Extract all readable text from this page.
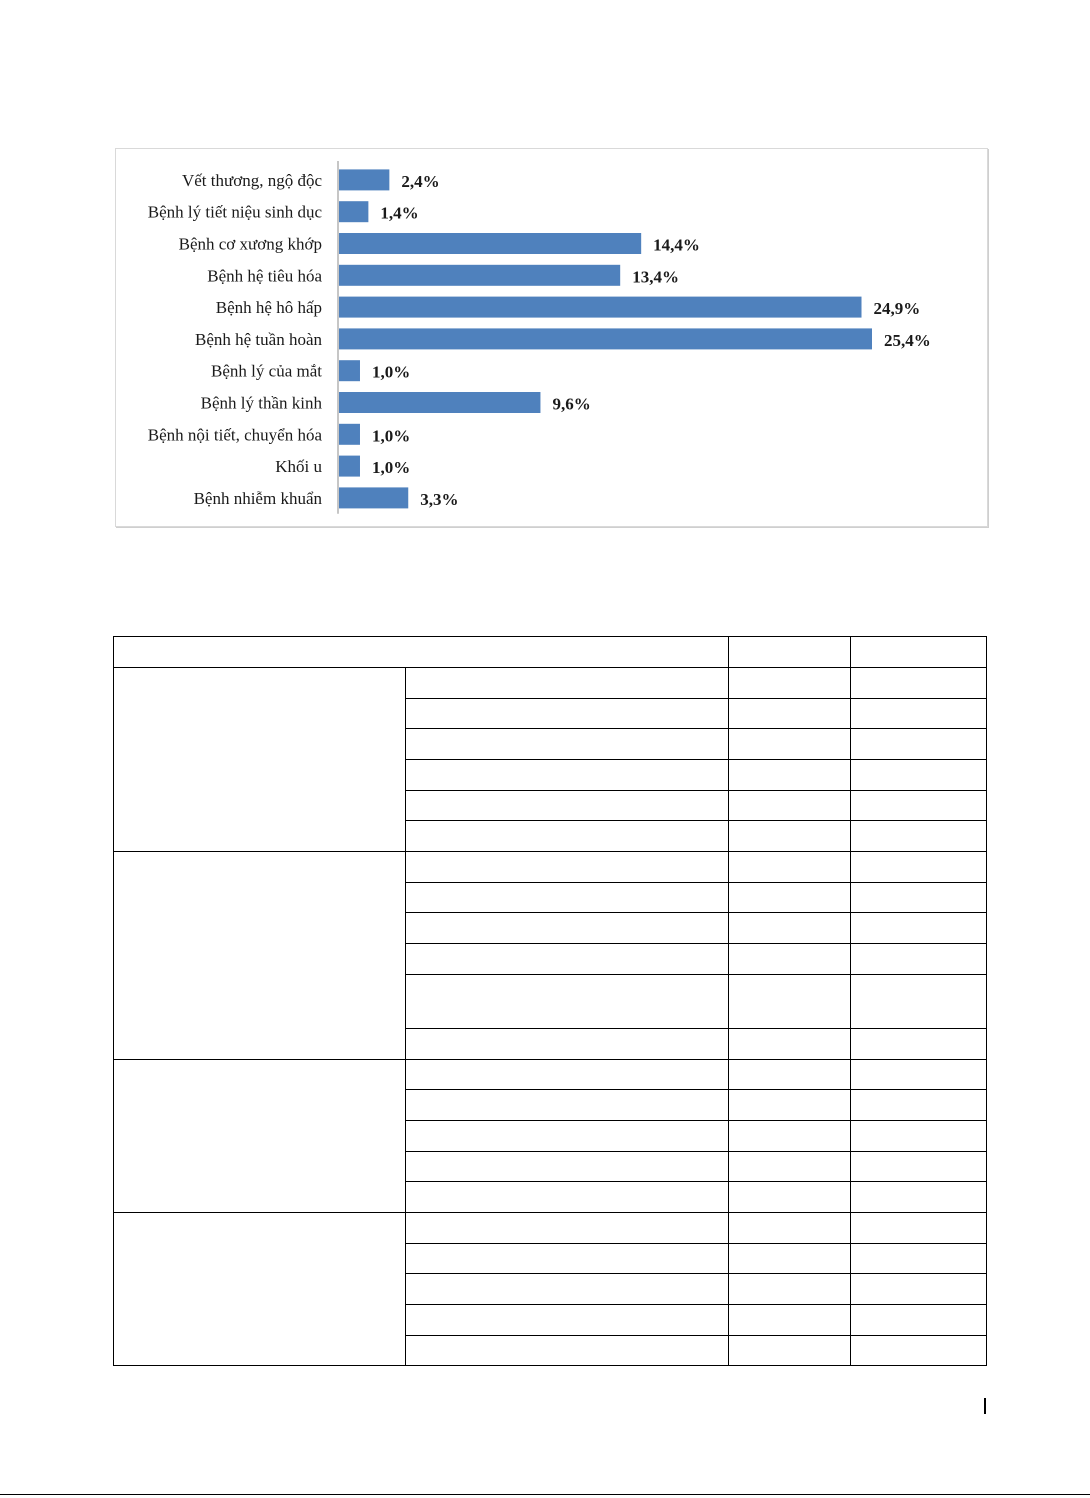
Vết thương, ngộ độc	2,4%
Bệnh lý tiết niệu sinh dục	1,4%
Bệnh cơ xương khớp	14,4%
Bệnh hệ tiêu hóa	13,4%
Bệnh hệ hô hấp	24,9%
Bệnh hệ tuần hoàn	25,4%
Bệnh lý của mắt	1,0%
Bệnh lý thần kinh	9,6%
Bệnh nội tiết, chuyển hóa	1,0%
Khối u	1,0%
Bệnh nhiễm khuẩn	3,3%
